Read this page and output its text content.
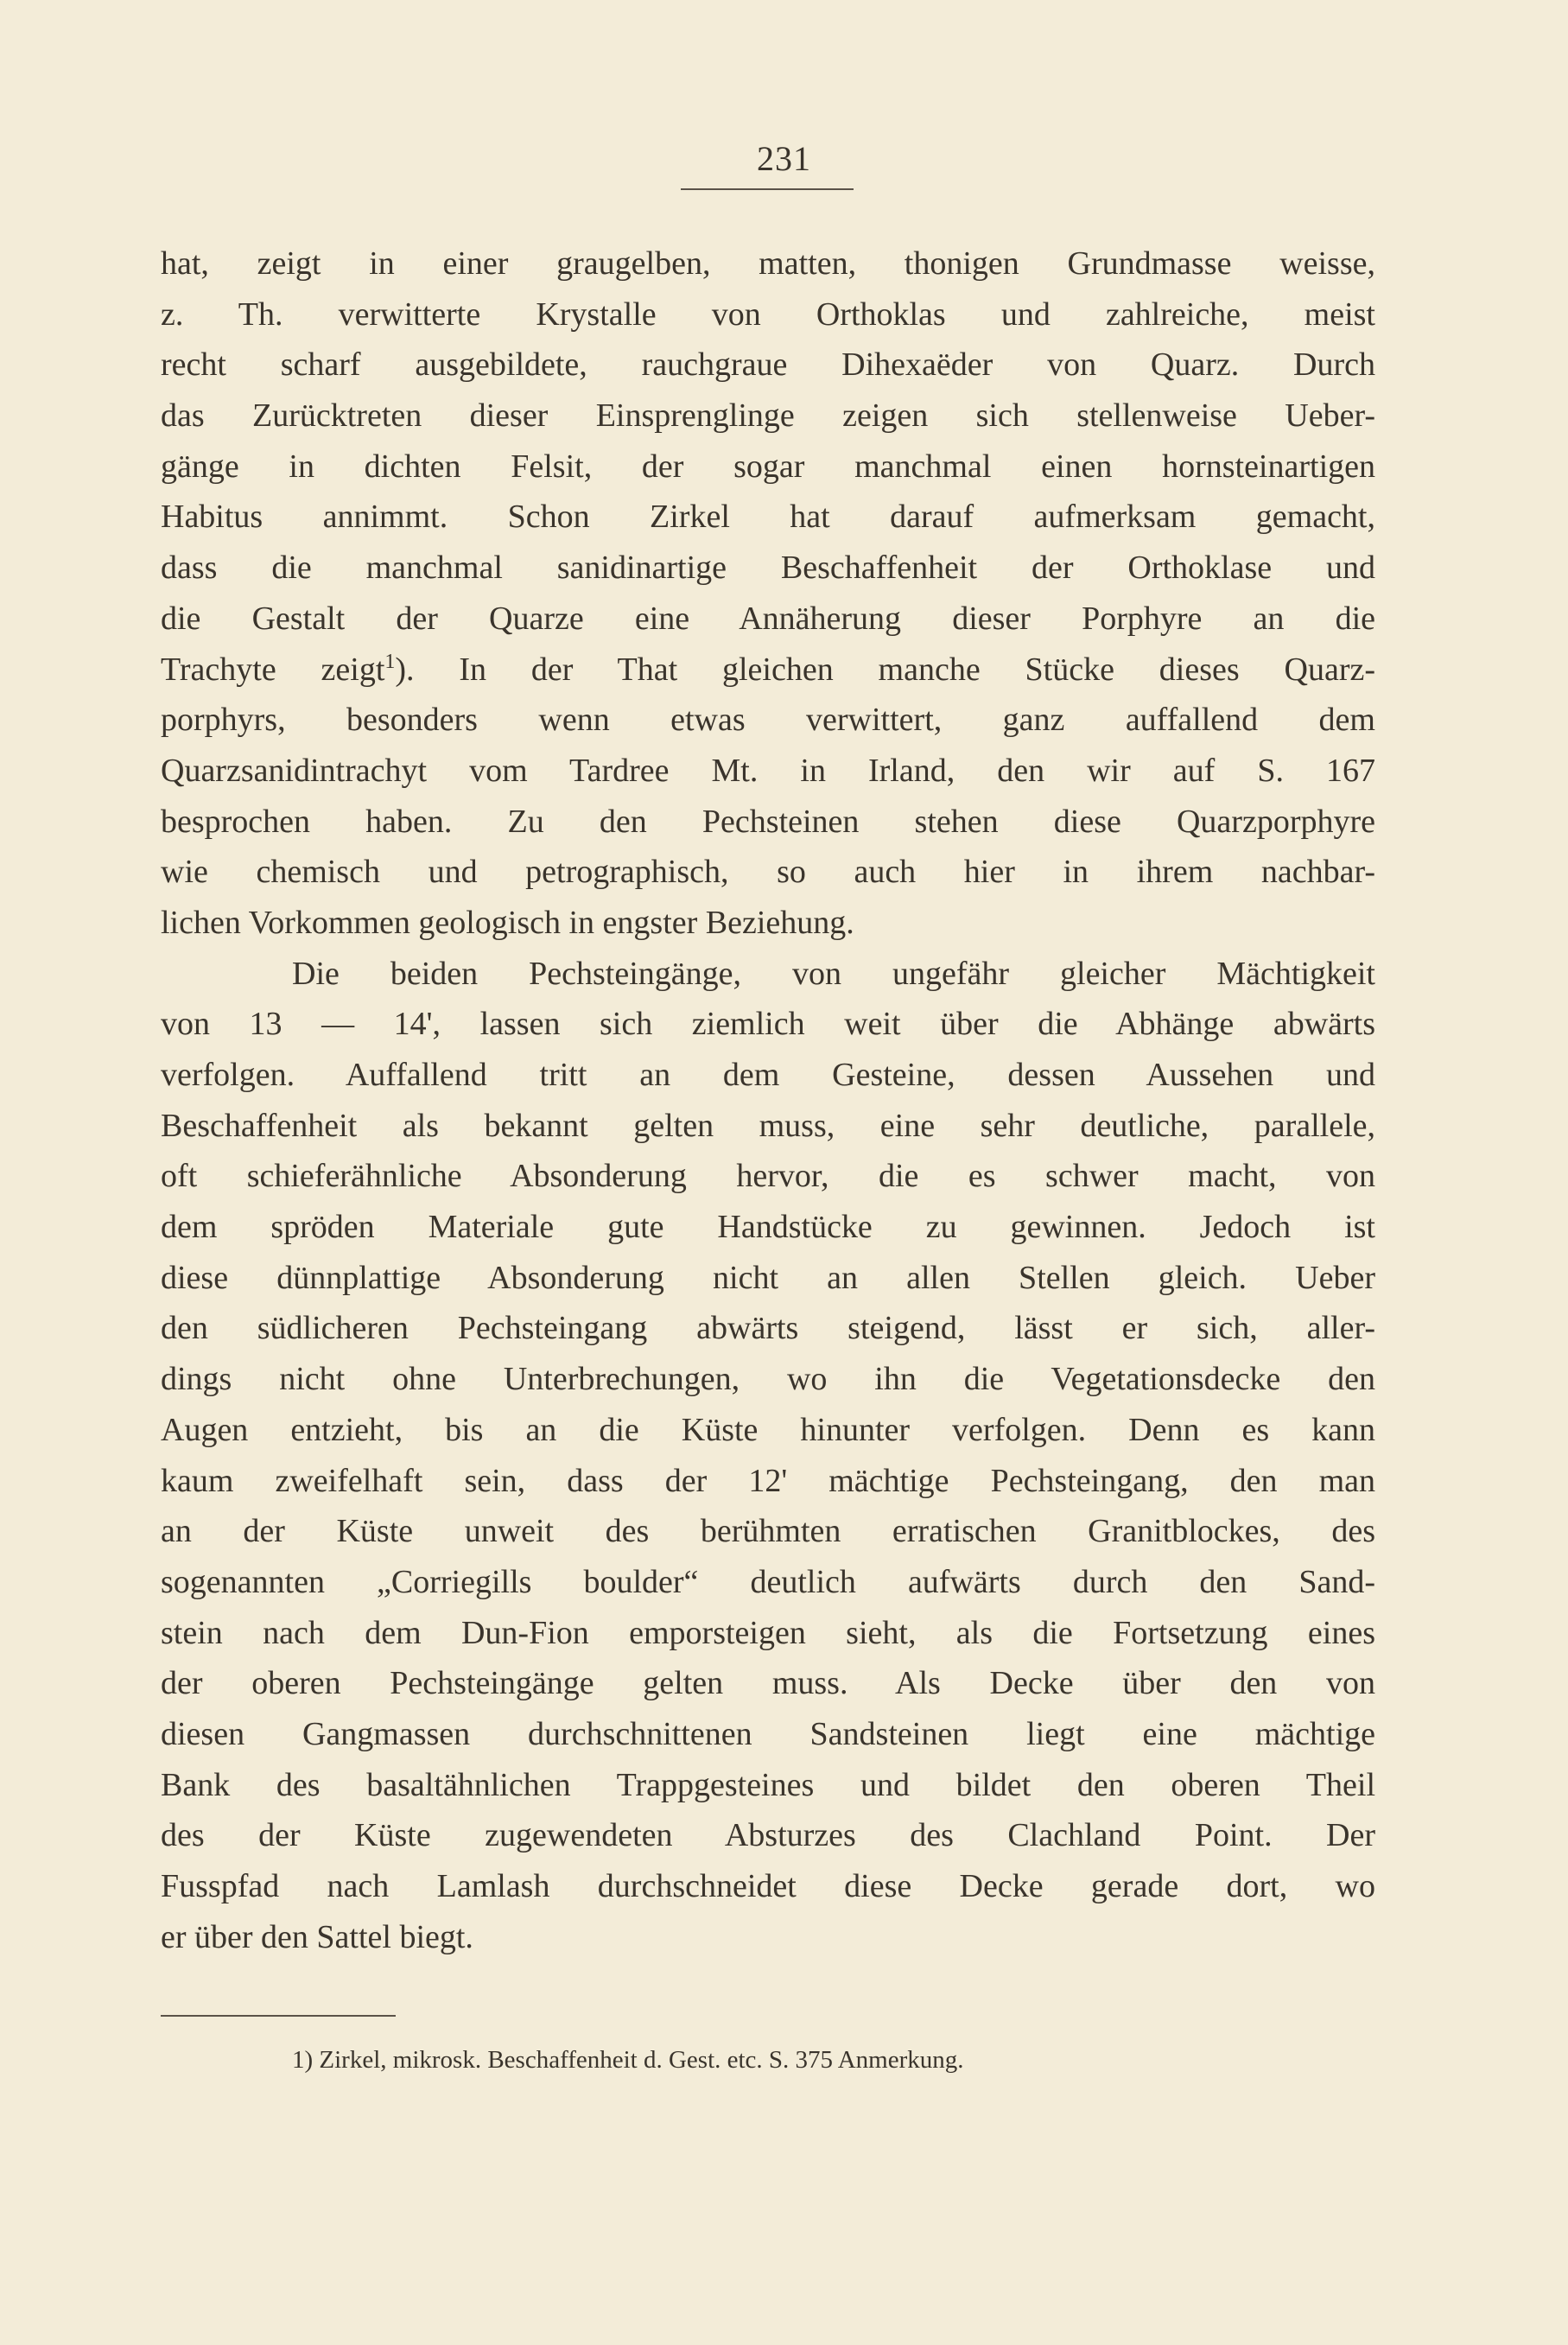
231
hat, zeigt in einer graugelben, matten, thonigen Grundmasse weisse,
z. Th. verwitterte Krystalle von Orthoklas und zahlreiche, meist
recht scharf ausgebildete, rauchgraue Dihexaëder von Quarz. Durch
das Zurücktreten dieser Einsprenglinge zeigen sich stellenweise Ueber-
gänge in dichten Felsit, der sogar manchmal einen hornsteinartigen
Habitus annimmt. Schon Zirkel hat darauf aufmerksam gemacht,
dass die manchmal sanidinartige Beschaffenheit der Orthoklase und
die Gestalt der Quarze eine Annäherung dieser Porphyre an die
Trachyte zeigt$^1$). In der That gleichen manche Stücke dieses Quarz-
porphyrs, besonders wenn etwas verwittert, ganz auffallend dem
Quarzsanidintrachyt vom Tardree Mt. in Irland, den wir auf S. 167
besprochen haben. Zu den Pechsteinen stehen diese Quarzporphyre
wie chemisch und petrographisch, so auch hier in ihrem nachbar-
lichen Vorkommen geologisch in engster Beziehung.
Die beiden Pechsteingänge, von ungefähr gleicher Mächtigkeit
von 13 — 14', lassen sich ziemlich weit über die Abhänge abwärts
verfolgen. Auffallend tritt an dem Gesteine, dessen Aussehen und
Beschaffenheit als bekannt gelten muss, eine sehr deutliche, parallele,
oft schieferähnliche Absonderung hervor, die es schwer macht, von
dem spröden Materiale gute Handstücke zu gewinnen. Jedoch ist
diese dünnplattige Absonderung nicht an allen Stellen gleich. Ueber
den südlicheren Pechsteingang abwärts steigend, lässt er sich, aller-
dings nicht ohne Unterbrechungen, wo ihn die Vegetationsdecke den
Augen entzieht, bis an die Küste hinunter verfolgen. Denn es kann
kaum zweifelhaft sein, dass der 12' mächtige Pechsteingang, den man
an der Küste unweit des berühmten erratischen Granitblockes, des
sogenannten „Corriegills boulder“ deutlich aufwärts durch den Sand-
stein nach dem Dun-Fion emporsteigen sieht, als die Fortsetzung eines
der oberen Pechsteingänge gelten muss. Als Decke über den von
diesen Gangmassen durchschnittenen Sandsteinen liegt eine mächtige
Bank des basaltähnlichen Trappgesteines und bildet den oberen Theil
des der Küste zugewendeten Absturzes des Clachland Point. Der
Fusspfad nach Lamlash durchschneidet diese Decke gerade dort, wo
er über den Sattel biegt.
1) Zirkel, mikrosk. Beschaffenheit d. Gest. etc. S. 375 Anmerkung.
